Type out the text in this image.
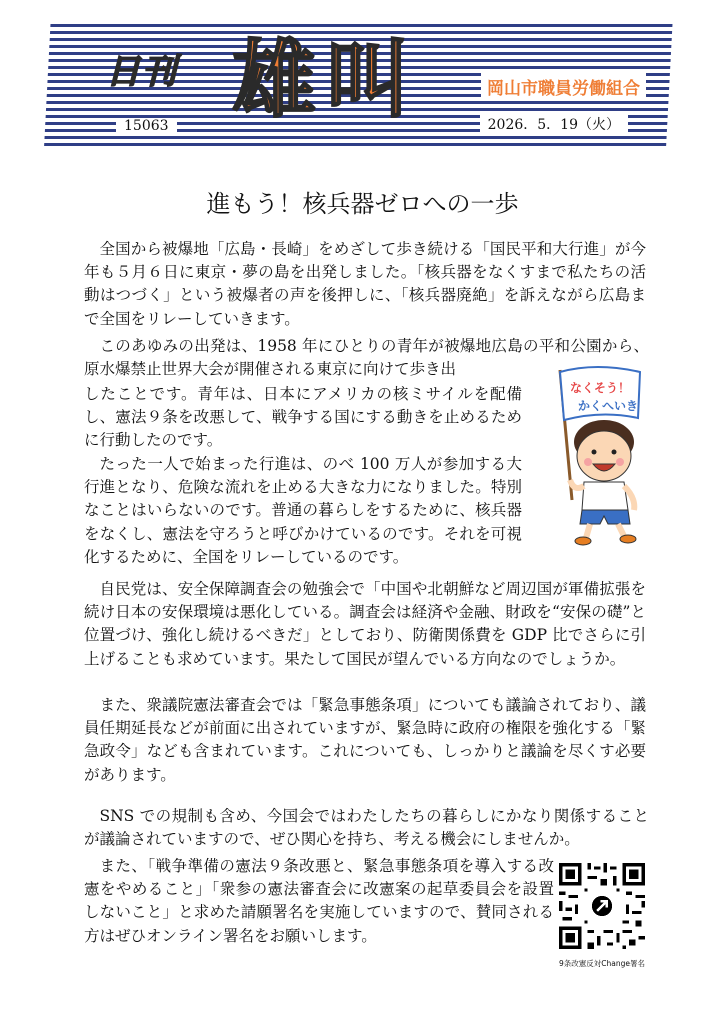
日刊 雄叫	岡山市職員労働組合
15063	2026．5．19（火）
進もう！核兵器ゼロへの一歩

全国から被爆地「広島・長崎」をめざして歩き続ける「国民平和大行進」が今年も５月６日に東京・夢の島を出発しました。「核兵器をなくすまで私たちの活動はつづく」という被爆者の声を後押しに、「核兵器廃絶」を訴えながら広島まで全国をリレーしていきます。

このあゆみの出発は、1958 年にひとりの青年が被爆地広島の平和公園から、原水爆禁止世界大会が開催される東京に向けて歩き出

したことです。青年は、日本にアメリカの核ミサイルを配備し、憲法９条を改悪して、戦争する国にする動きを止めるために行動したのです。

たった一人で始まった行進は、のべ 100 万人が参加する大行進となり、危険な流れを止める大きな力になりました。特別なことはいらないのです。普通の暮らしをするために、核兵器をなくし、憲法を守ろうと呼びかけているのです。それを可視化するために、全国をリレーしているのです。

自民党は、安全保障調査会の勉強会で「中国や北朝鮮など周辺国が軍備拡張を続け日本の安保環境は悪化している。調査会は経済や金融、財政を“安保の礎”と位置づけ、強化し続けるべきだ」としており、防衛関係費を GDP 比でさらに引上げることも求めています。果たして国民が望んでいる方向なのでしょうか。

また、衆議院憲法審査会では「緊急事態条項」についても議論されており、議員任期延長などが前面に出されていますが、緊急時に政府の権限を強化する「緊急政令」なども含まれています。これについても、しっかりと議論を尽くす必要があります。

SNS での規制も含め、今国会ではわたしたちの暮らしにかなり関係することが議論されていますので、ぜひ関心を持ち、考える機会にしませんか。

また、「戦争準備の憲法９条改悪と、緊急事態条項を導入する改憲をやめること」「衆参の憲法審査会に改憲案の起草委員会を設置しないこと」と求めた請願署名を実施していますので、賛同される方はぜひオンライン署名をお願いします。

なくそう！
かくへいき
9条改憲反対Change署名
